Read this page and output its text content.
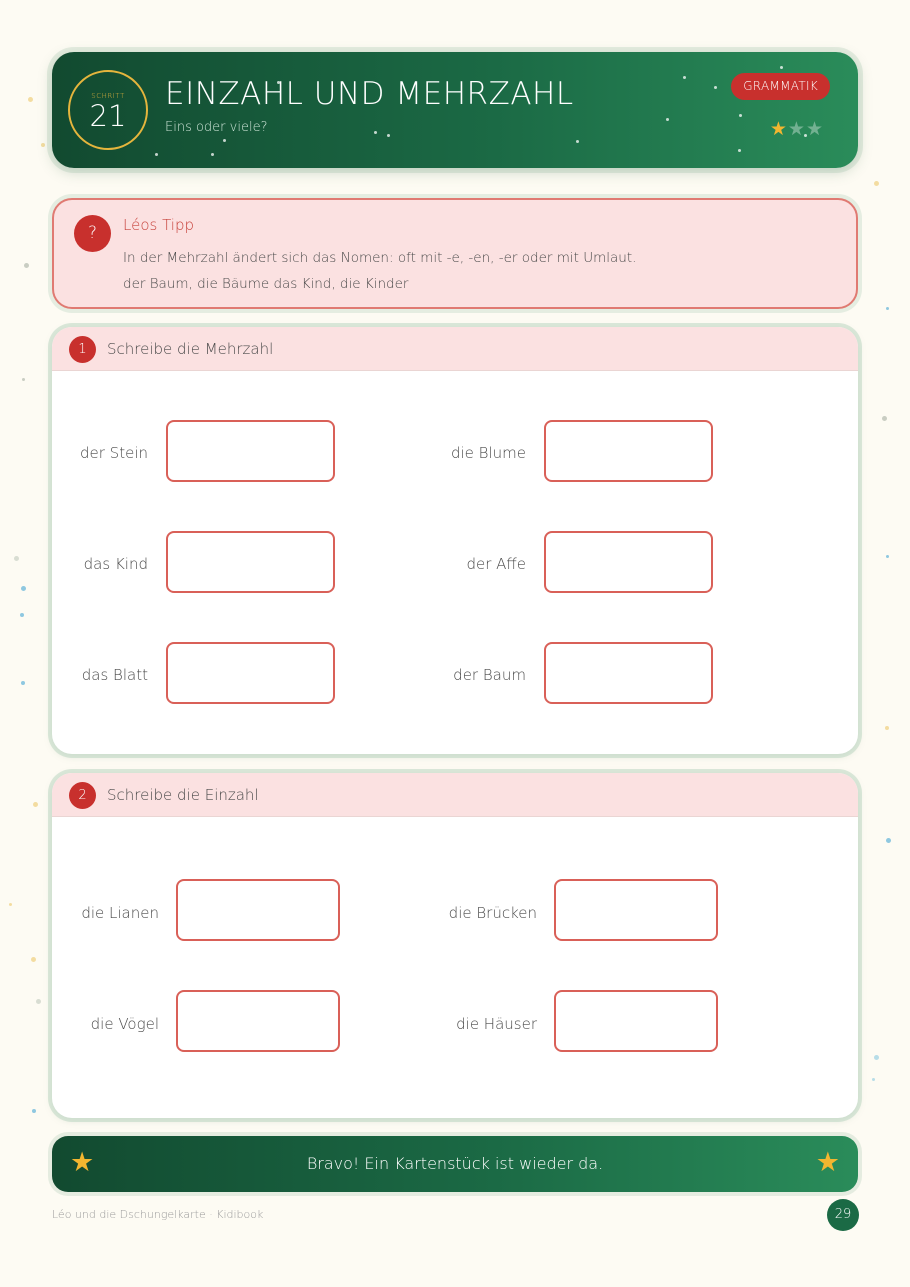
SCHRITT
21
EINZAHL UND MEHRZAHL
Eins oder viele?
GRAMMATIK
★★★
?	Léos Tipp
In der Mehrzahl ändert sich das Nomen: oft mit -e, -en, -er oder mit Umlaut.
der Baum, die Bäume das Kind, die Kinder
1	Schreibe die Mehrzahl
der Stein	die Blume
das Kind	der Affe
das Blatt	der Baum
2	Schreibe die Einzahl
die Lianen	die Brücken
die Vögel	die Häuser
★	Bravo! Ein Kartenstück ist wieder da.	★
Léo und die Dschungelkarte · Kidibook	29
